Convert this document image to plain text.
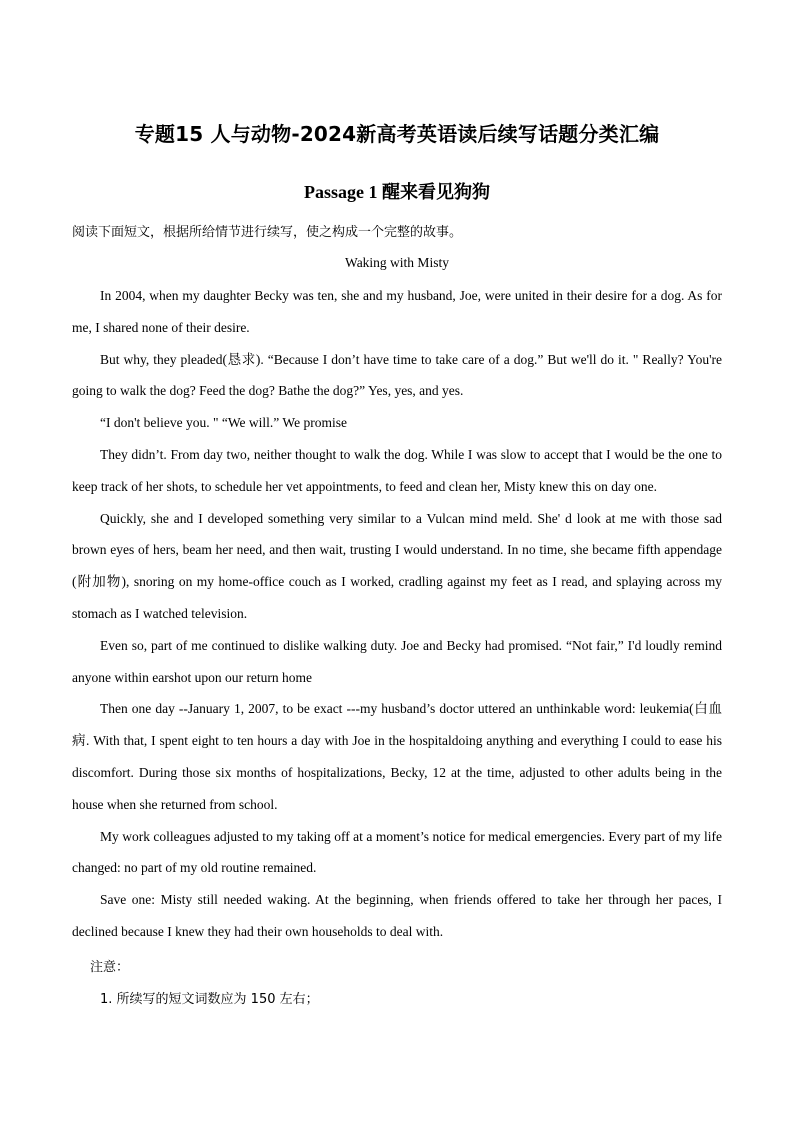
专题15 人与动物-2024新高考英语读后续写话题分类汇编
Passage 1 醒来看见狗狗
阅读下面短文，根据所给情节进行续写，使之构成一个完整的故事。
Waking with Misty

In 2004, when my daughter Becky was ten, she and my husband, Joe, were united in their desire for a dog. As for me, I shared none of their desire.

But why, they pleaded(恳求). “Because I don’t have time to take care of a dog.” But we'll do it. " Really? You're going to walk the dog? Feed the dog? Bathe the dog?” Yes, yes, and yes.

“I don't believe you. " “We will.” We promise

They didn’t. From day two, neither thought to walk the dog. While I was slow to accept that I would be the one to keep track of her shots, to schedule her vet appointments, to feed and clean her, Misty knew this on day one.

Quickly, she and I developed something very similar to a Vulcan mind meld. She' d look at me with those sad brown eyes of hers, beam her need, and then wait, trusting I would understand. In no time, she became fifth appendage (附加物), snoring on my home-office couch as I worked, cradling against my feet as I read, and splaying across my stomach as I watched television.

Even so, part of me continued to dislike walking duty. Joe and Becky had promised. “Not fair,” I'd loudly remind anyone within earshot upon our return home

Then one day --January 1, 2007, to be exact ---my husband’s doctor uttered an unthinkable word: leukemia(白血病. With that, I spent eight to ten hours a day with Joe in the hospitaldoing anything and everything I could to ease his discomfort. During those six months of hospitalizations, Becky, 12 at the time, adjusted to other adults being in the house when she returned from school.

My work colleagues adjusted to my taking off at a moment’s notice for medical emergencies. Every part of my life changed: no part of my old routine remained.

Save one: Misty still needed waking. At the beginning, when friends offered to take her through her paces, I declined because I knew they had their own households to deal with.

注意：
1. 所续写的短文词数应为 150 左右；
